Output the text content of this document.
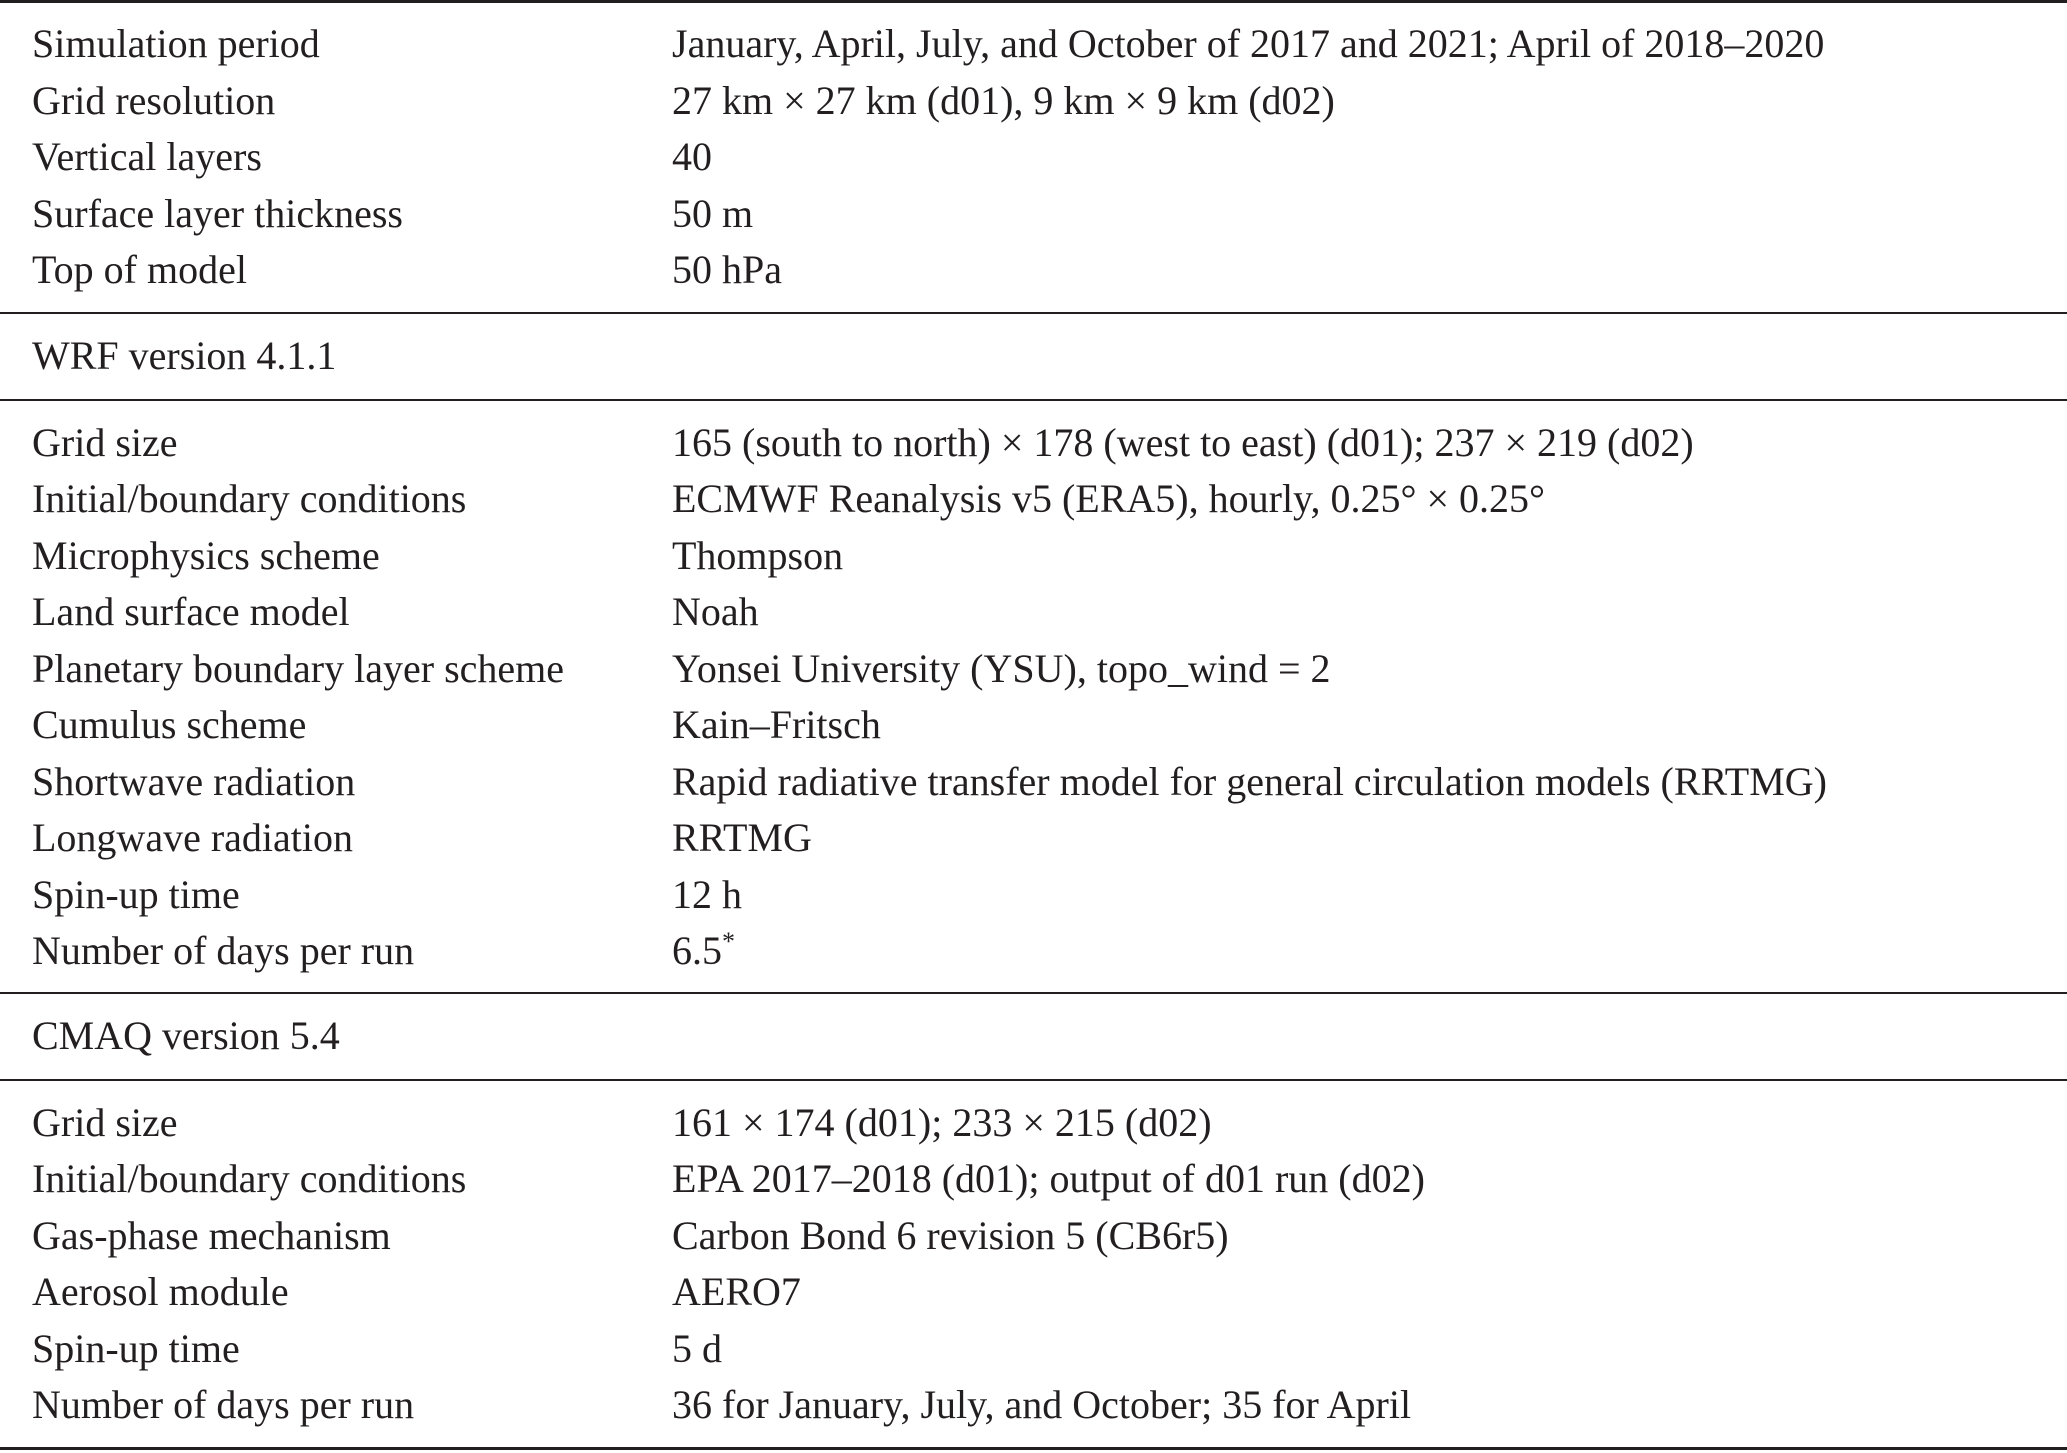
Simulation period	January, April, July, and October of 2017 and 2021; April of 2018–2020
Grid resolution	27 km × 27 km (d01), 9 km × 9 km (d02)
Vertical layers	40
Surface layer thickness	50 m
Top of model	50 hPa
WRF version 4.1.1
Grid size	165 (south to north) × 178 (west to east) (d01); 237 × 219 (d02)
Initial/boundary conditions	ECMWF Reanalysis v5 (ERA5), hourly, 0.25° × 0.25°
Microphysics scheme	Thompson
Land surface model	Noah
Planetary boundary layer scheme	Yonsei University (YSU), topo_wind = 2
Cumulus scheme	Kain–Fritsch
Shortwave radiation	Rapid radiative transfer model for general circulation models (RRTMG)
Longwave radiation	RRTMG
Spin-up time	12 h
Number of days per run	6.5*
CMAQ version 5.4
Grid size	161 × 174 (d01); 233 × 215 (d02)
Initial/boundary conditions	EPA 2017–2018 (d01); output of d01 run (d02)
Gas-phase mechanism	Carbon Bond 6 revision 5 (CB6r5)
Aerosol module	AERO7
Spin-up time	5 d
Number of days per run	36 for January, July, and October; 35 for April
